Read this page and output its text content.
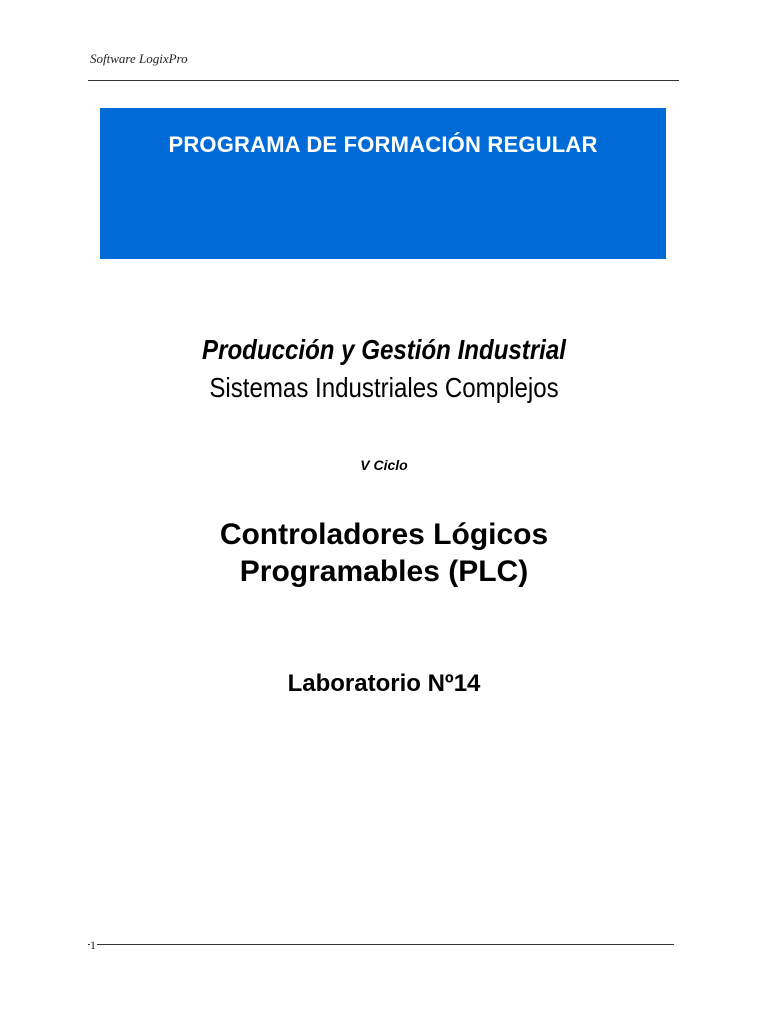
Software LogixPro
PROGRAMA DE FORMACIÓN REGULAR
Producción y Gestión Industrial
Sistemas Industriales Complejos
V Ciclo
Controladores Lógicos
Programables (PLC)
Laboratorio Nº14
1
